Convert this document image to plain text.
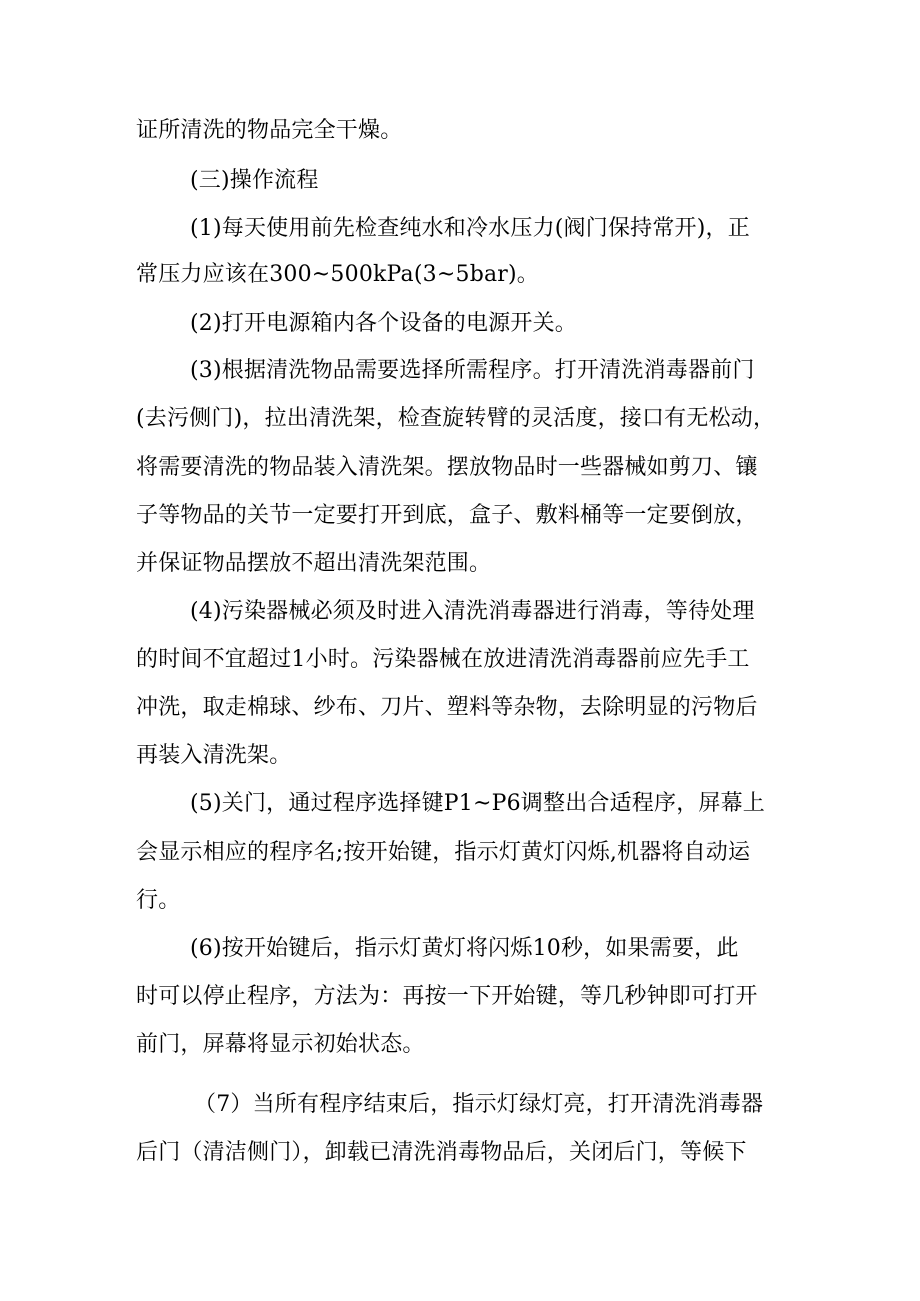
证所清洗的物品完全干燥。
(三)操作流程
(1)每天使用前先检查纯水和冷水压力(阀门保持常开)，正
常压力应该在300~500kPa(3~5bar)。
(2)打开电源箱内各个设备的电源开关。
(3)根据清洗物品需要选择所需程序。打开清洗消毒器前门
(去污侧门)，拉出清洗架，检查旋转臂的灵活度，接口有无松动，
将需要清洗的物品装入清洗架。摆放物品时一些器械如剪刀、镶
子等物品的关节一定要打开到底，盒子、敷料桶等一定要倒放，
并保证物品摆放不超出清洗架范围。
(4)污染器械必须及时进入清洗消毒器进行消毒，等待处理
的时间不宜超过1小时。污染器械在放进清洗消毒器前应先手工
冲洗，取走棉球、纱布、刀片、塑料等杂物，去除明显的污物后
再装入清洗架。
(5)关门，通过程序选择键P1~P6调整出合适程序，屏幕上
会显示相应的程序名;按开始键，指示灯黄灯闪烁,机器将自动运
行。
(6)按开始键后，指示灯黄灯将闪烁10秒，如果需要，此
时可以停止程序，方法为：再按一下开始键，等几秒钟即可打开
前门，屏幕将显示初始状态。
（7）当所有程序结束后，指示灯绿灯亮，打开清洗消毒器
后门（清洁侧门），卸载已清洗消毒物品后，关闭后门，等候下
